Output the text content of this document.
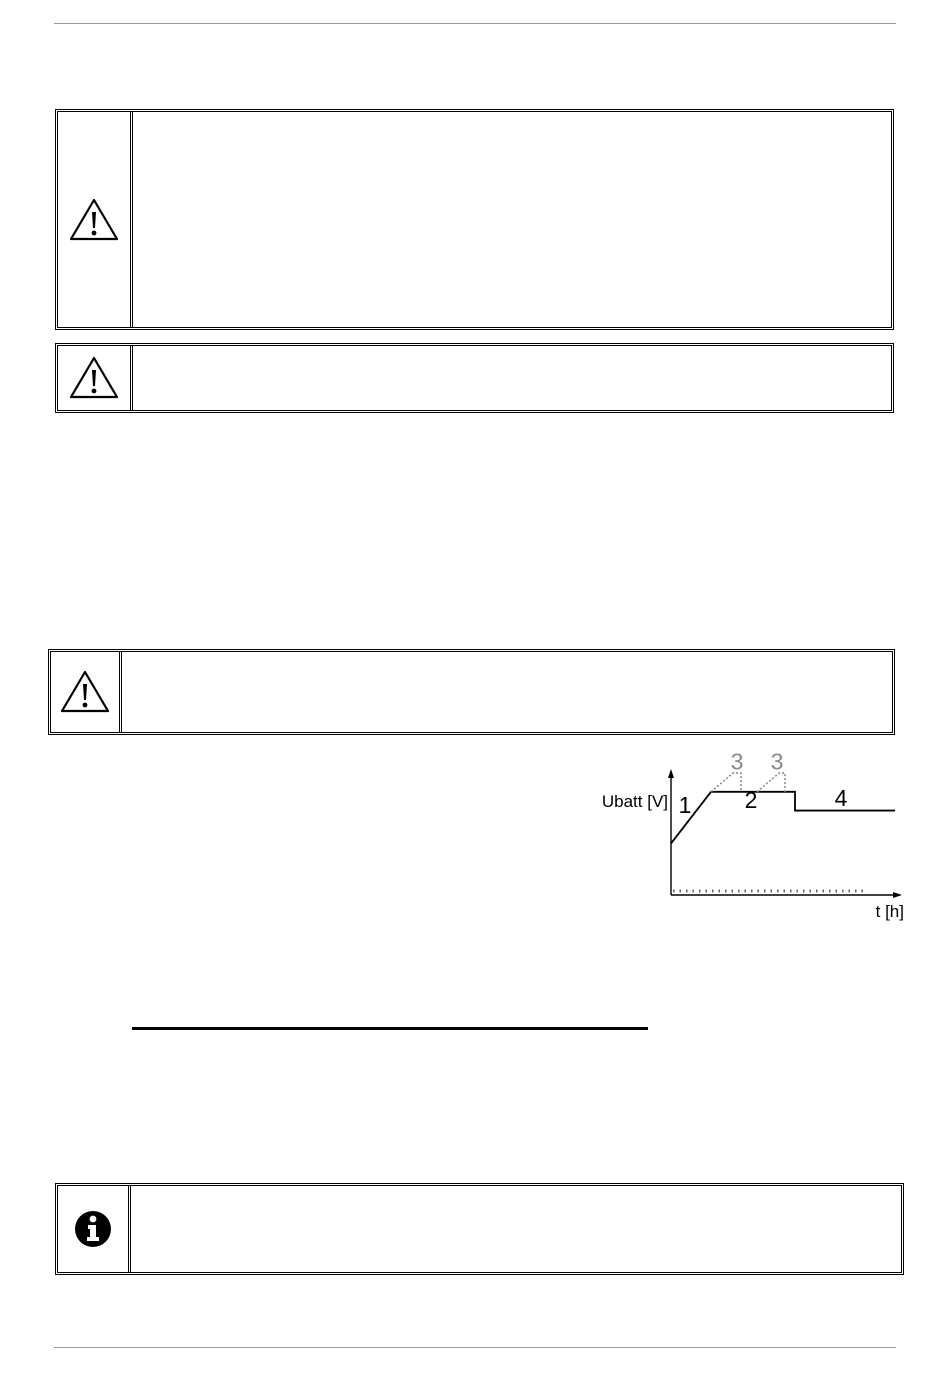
Ubatt [V]
t [h]
1 2
3 3
4
